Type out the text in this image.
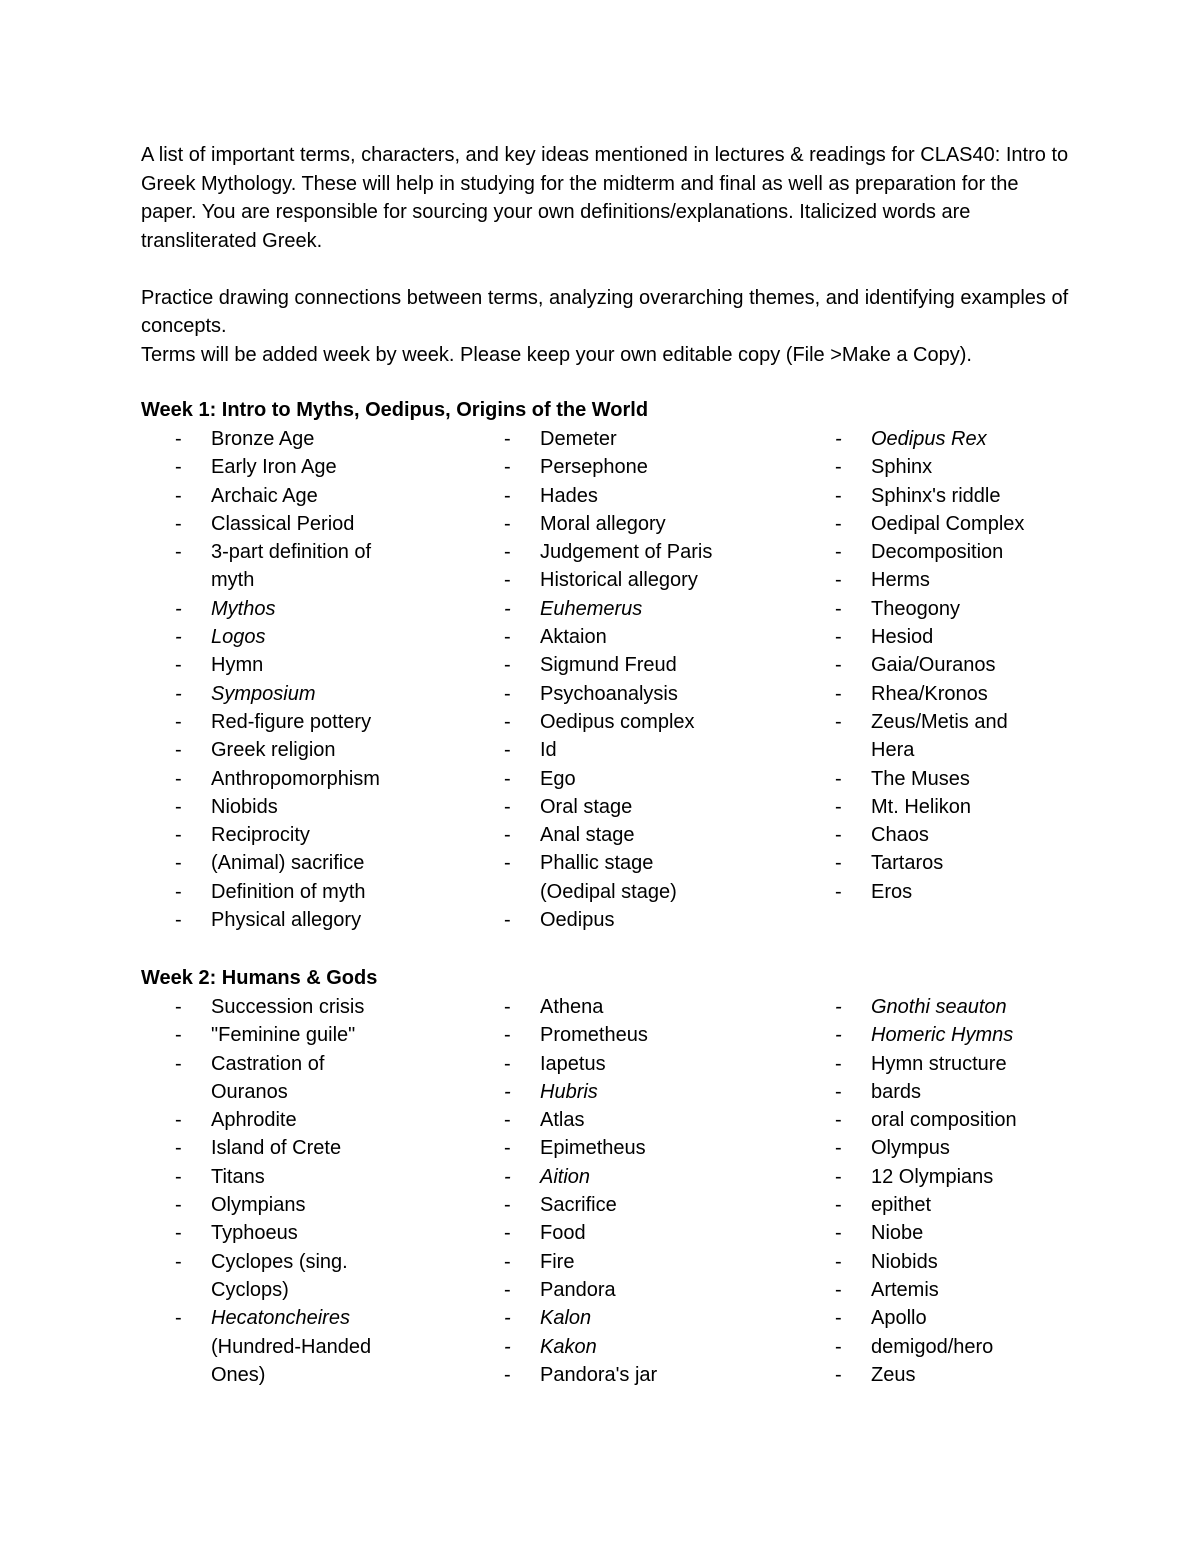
A list of important terms, characters, and key ideas mentioned in lectures & readings for CLAS40: Intro to Greek Mythology. These will help in studying for the midterm and final as well as preparation for the paper. You are responsible for sourcing your own definitions/explanations. Italicized words are transliterated Greek.

Practice drawing connections between terms, analyzing overarching themes, and identifying examples of concepts.

Terms will be added week by week. Please keep your own editable copy (File >Make a Copy).

Week 1: Intro to Myths, Oedipus, Origins of the World
- Bronze Age
- Early Iron Age
- Archaic Age
- Classical Period
- 3-part definition of myth
- Mythos
- Logos
- Hymn
- Symposium
- Red-figure pottery
- Greek religion
- Anthropomorphism
- Niobids
- Reciprocity
- (Animal) sacrifice
- Definition of myth
- Physical allegory
- Demeter
- Persephone
- Hades
- Moral allegory
- Judgement of Paris
- Historical allegory
- Euhemerus
- Aktaion
- Sigmund Freud
- Psychoanalysis
- Oedipus complex
- Id
- Ego
- Oral stage
- Anal stage
- Phallic stage (Oedipal stage)
- Oedipus
- Oedipus Rex
- Sphinx
- Sphinx's riddle
- Oedipal Complex
- Decomposition
- Herms
- Theogony
- Hesiod
- Gaia/Ouranos
- Rhea/Kronos
- Zeus/Metis and Hera
- The Muses
- Mt. Helikon
- Chaos
- Tartaros
- Eros
Week 2: Humans & Gods
- Succession crisis
- "Feminine guile"
- Castration of Ouranos
- Aphrodite
- Island of Crete
- Titans
- Olympians
- Typhoeus
- Cyclopes (sing. Cyclops)
- Hecatoncheires
(Hundred-Handed Ones)
- Athena
- Prometheus
- Iapetus
- Hubris
- Atlas
- Epimetheus
- Aition
- Sacrifice
- Food
- Fire
- Pandora
- Kalon
- Kakon
- Pandora's jar
- Gnothi seauton
- Homeric Hymns
- Hymn structure
- bards
- oral composition
- Olympus
- 12 Olympians
- epithet
- Niobe
- Niobids
- Artemis
- Apollo
- demigod/hero
- Zeus
